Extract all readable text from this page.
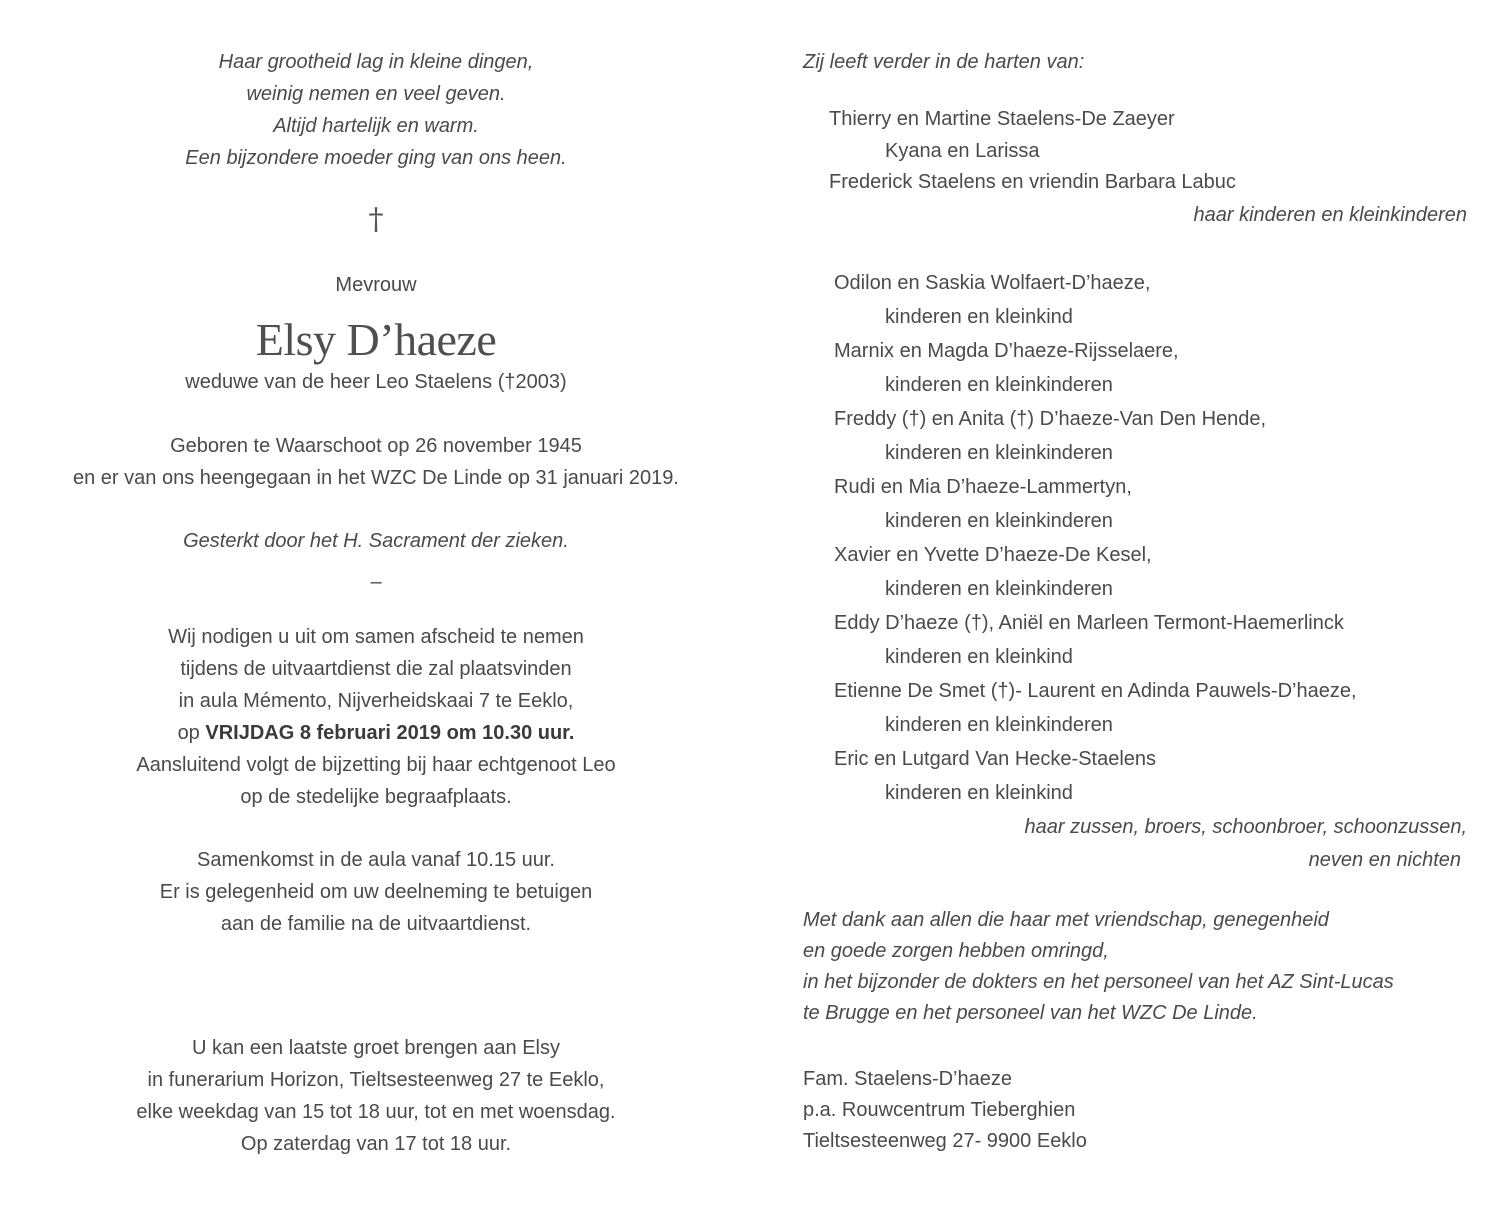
Haar grootheid lag in kleine dingen,
weinig nemen en veel geven.
Altijd hartelijk en warm.
Een bijzondere moeder ging van ons heen.
†
Mevrouw
Elsy D’haeze
weduwe van de heer Leo Staelens (†2003)
Geboren te Waarschoot op 26 november 1945
en er van ons heengegaan in het WZC De Linde op 31 januari 2019.
Gesterkt door het H. Sacrament der zieken.
–
Wij nodigen u uit om samen afscheid te nemen
tijdens de uitvaartdienst die zal plaatsvinden
in aula Mémento, Nijverheidskaai 7 te Eeklo,
op VRIJDAG 8 februari 2019 om 10.30 uur.
Aansluitend volgt de bijzetting bij haar echtgenoot Leo
op de stedelijke begraafplaats.
Samenkomst in de aula vanaf 10.15 uur.
Er is gelegenheid om uw deelneming te betuigen
aan de familie na de uitvaartdienst.
U kan een laatste groet brengen aan Elsy
in funerarium Horizon, Tieltsesteenweg 27 te Eeklo,
elke weekdag van 15 tot 18 uur, tot en met woensdag.
Op zaterdag van 17 tot 18 uur.
Zij leeft verder in de harten van:
Thierry en Martine Staelens-De Zaeyer
Kyana en Larissa
Frederick Staelens en vriendin Barbara Labuc
haar kinderen en kleinkinderen
Odilon en Saskia Wolfaert-D’haeze,
kinderen en kleinkind
Marnix en Magda D’haeze-Rijsselaere,
kinderen en kleinkinderen
Freddy (†) en Anita (†) D’haeze-Van Den Hende,
kinderen en kleinkinderen
Rudi en Mia D’haeze-Lammertyn,
kinderen en kleinkinderen
Xavier en Yvette D’haeze-De Kesel,
kinderen en kleinkinderen
Eddy D’haeze (†), Aniël en Marleen Termont-Haemerlinck
kinderen en kleinkind
Etienne De Smet (†)- Laurent en Adinda Pauwels-D’haeze,
kinderen en kleinkinderen
Eric en Lutgard Van Hecke-Staelens
kinderen en kleinkind
haar zussen, broers, schoonbroer, schoonzussen,
neven en nichten
Met dank aan allen die haar met vriendschap, genegenheid
en goede zorgen hebben omringd,
in het bijzonder de dokters en het personeel van het AZ Sint-Lucas
te Brugge en het personeel van het WZC De Linde.
Fam. Staelens-D’haeze
p.a. Rouwcentrum Tieberghien
Tieltsesteenweg 27- 9900 Eeklo
